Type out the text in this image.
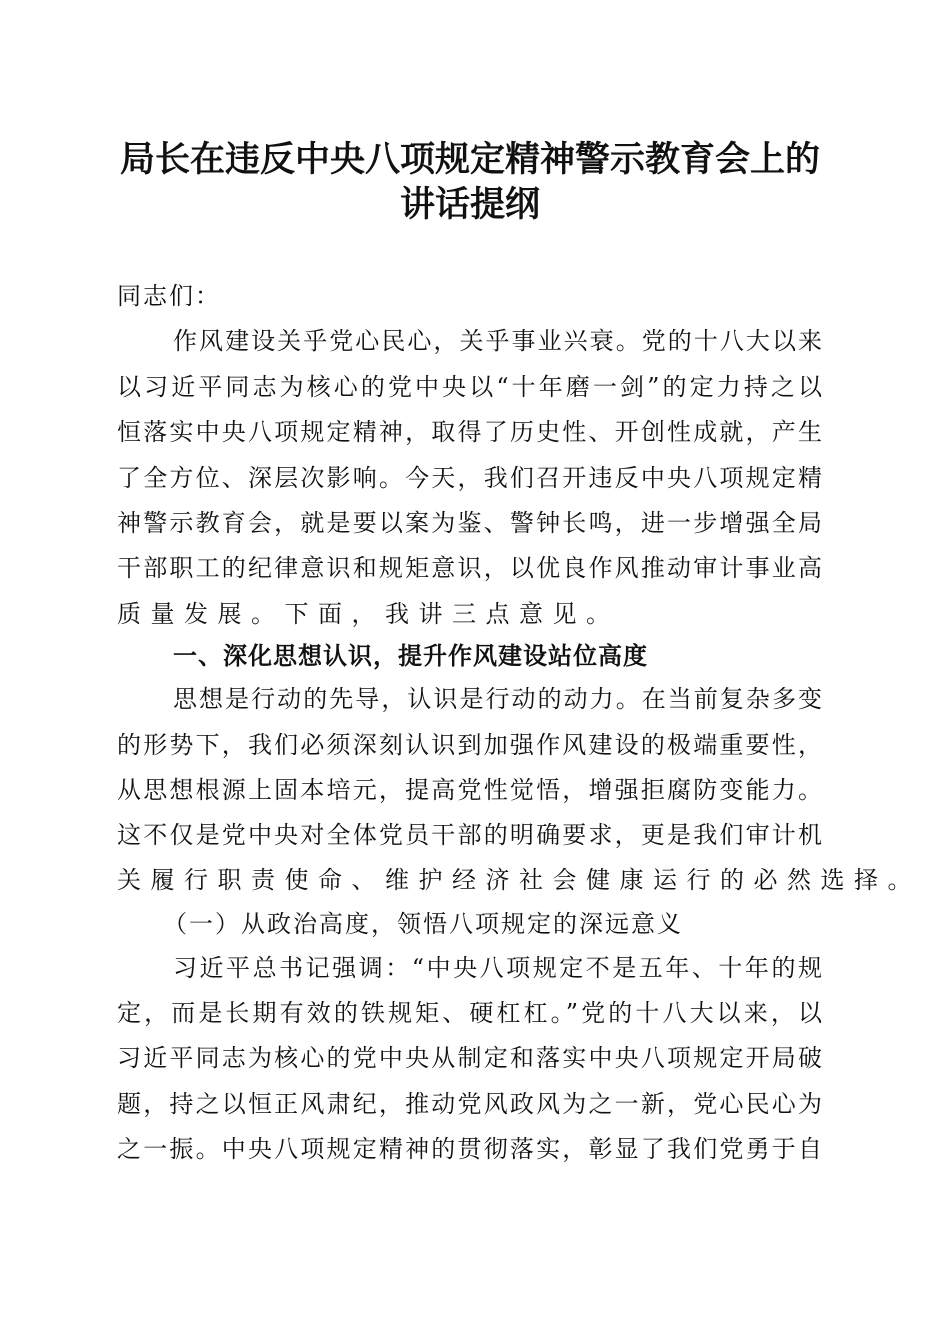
局长在违反中央八项规定精神警示教育会上的
讲话提纲
同志们：
作风建设关乎党心民心，关乎事业兴衰。党的十八大以来
以习近平同志为核心的党中央以“十年磨一剑”的定力持之以
恒落实中央八项规定精神，取得了历史性、开创性成就，产生
了全方位、深层次影响。今天，我们召开违反中央八项规定精
神警示教育会，就是要以案为鉴、警钟长鸣，进一步增强全局
干部职工的纪律意识和规矩意识，以优良作风推动审计事业高
质量发展。下面，我讲三点意见。
一、深化思想认识，提升作风建设站位高度
思想是行动的先导，认识是行动的动力。在当前复杂多变
的形势下，我们必须深刻认识到加强作风建设的极端重要性，
从思想根源上固本培元，提高党性觉悟，增强拒腐防变能力。
这不仅是党中央对全体党员干部的明确要求，更是我们审计机
关履行职责使命、维护经济社会健康运行的必然选择。
（一）从政治高度，领悟八项规定的深远意义
习近平总书记强调：“中央八项规定不是五年、十年的规
定，而是长期有效的铁规矩、硬杠杠。”党的十八大以来，以
习近平同志为核心的党中央从制定和落实中央八项规定开局破
题，持之以恒正风肃纪，推动党风政风为之一新，党心民心为
之一振。中央八项规定精神的贯彻落实，彰显了我们党勇于自
